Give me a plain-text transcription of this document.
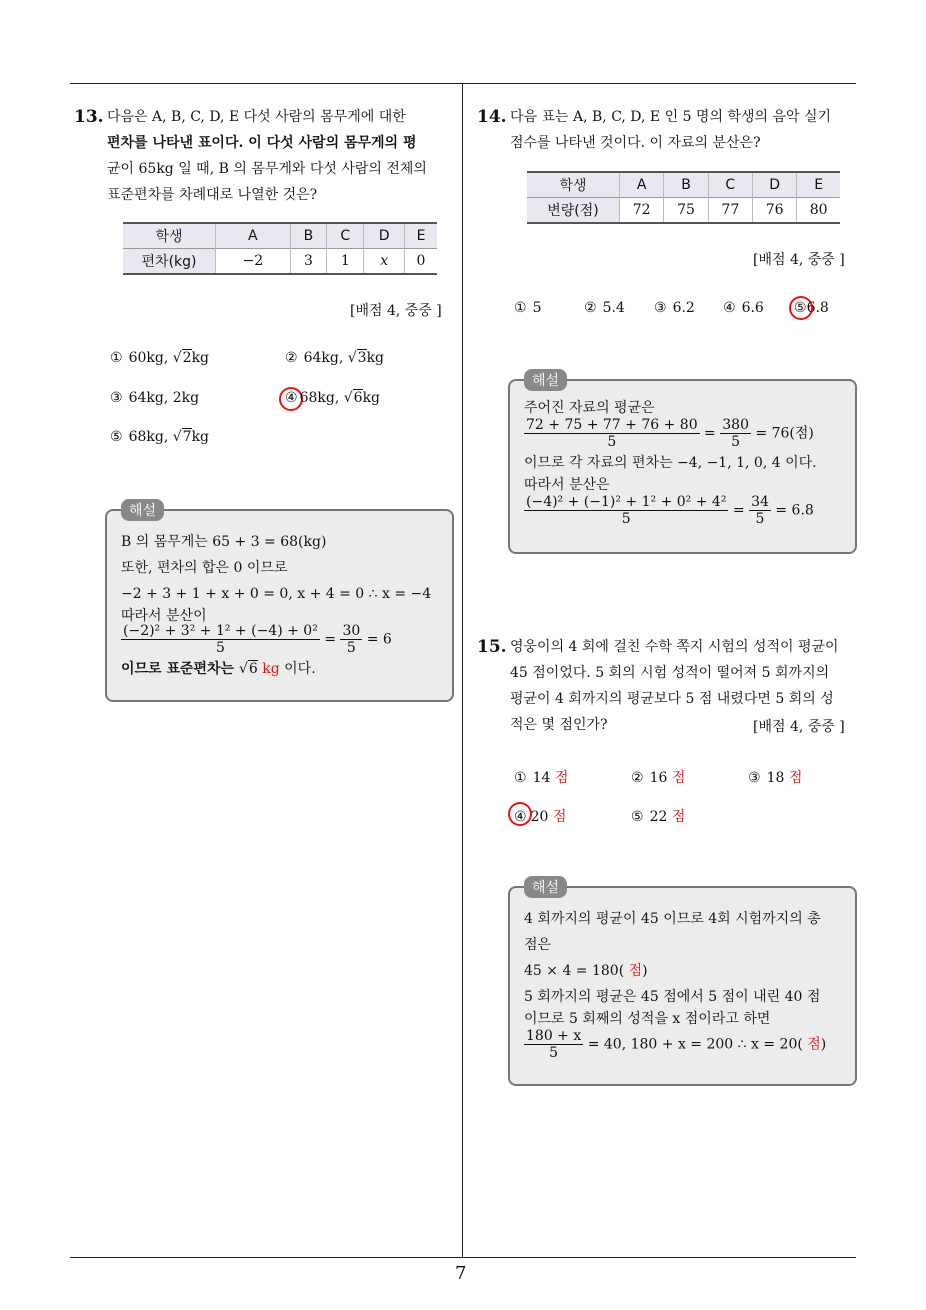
13. 다음은 A, B, C, D, E 다섯 사람의 몸무게에 대한
편차를 나타낸 표이다. 이 다섯 사람의 몸무게의 평
균이 65kg 일 때, B 의 몸무게와 다섯 사람의 전체의
표준편차를 차례대로 나열한 것은?
학생	A	B	C	D	E
편차(kg)	−2	3	1	x	0
[배점 4, 중중 ]
① 60kg, √2kg	② 64kg, √3kg
③ 64kg, 2kg	④ 68kg, √6kg
⑤ 68kg, √7kg
해설
B 의 몸무게는 65 + 3 = 68(kg)
또한, 편차의 합은 0 이므로
−2 + 3 + 1 + x + 0 = 0, x + 4 = 0 ∴ x = −4
따라서 분산이
$\frac{\text{(−2)² + 3² + 1² + (−4) + 0²}}{5} = \frac{30}{5} = 6$
이므로 표준편차는 √6 kg 이다.
14. 다음 표는 A, B, C, D, E 인 5 명의 학생의 음악 실기
점수를 나타낸 것이다. 이 자료의 분산은?
학생	A	B	C	D	E
변량(점)	72	75	77	76	80
[배점 4, 중중 ]
① 5	② 5.4 ③ 6.2 ④ 6.6 ⑤6.8
해설
주어진 자료의 평균은
$\frac{72 + 75 + 77 + 76 + 80}{5} = \frac{380}{5} = 76$(점)
이므로 각 자료의 편차는 −4, −1, 1, 0, 4 이다.
따라서 분산은
$\frac{\text{(−4)² + (−1)² + 1² + 0² + 4²}}{5} = \frac{34}{5} = 6.8$
15. 영웅이의 4 회에 걸친 수학 쪽지 시험의 성적이 평균이
45 점이었다. 5 회의 시험 성적이 떨어져 5 회까지의
평균이 4 회까지의 평균보다 5 점 내렸다면 5 회의 성
적은 몇 점인가?	[배점 4, 중중 ]
① 14 점	② 16 점	③ 18 점
④ 20 점	⑤ 22 점
해설
4 회까지의 평균이 45 이므로 4회 시험까지의 총
점은
45 × 4 = 180( 점)
5 회까지의 평균은 45 점에서 5 점이 내린 40 점
이므로 5 회째의 성적을 x 점이라고 하면
$\frac{180 + x}{5} = 40$, 180 + x = 200 ∴ x = 20( 점)
7
